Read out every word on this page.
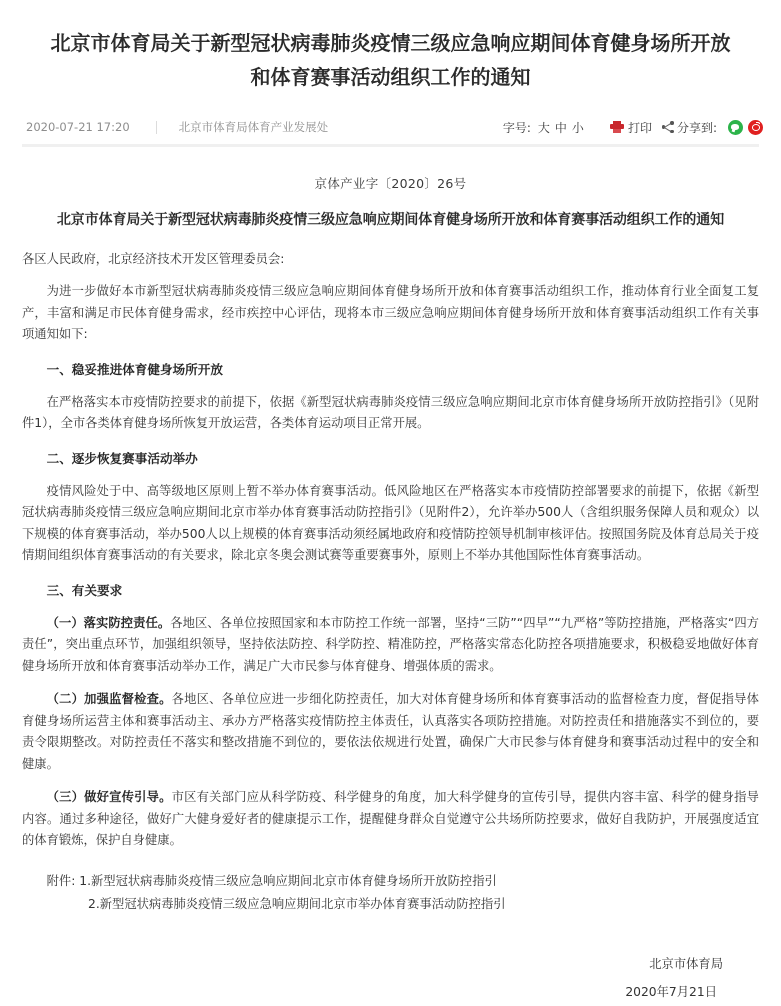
北京市体育局关于新型冠状病毒肺炎疫情三级应急响应期间体育健身场所开放和体育赛事活动组织工作的通知
2020-07-21 17:20	北京市体育局体育产业发展处	字号: 大 中 小	打印 分享到:
京体产业字〔2020〕26号
北京市体育局关于新型冠状病毒肺炎疫情三级应急响应期间体育健身场所开放和体育赛事活动组织工作的通知
各区人民政府，北京经济技术开发区管理委员会:

为进一步做好本市新型冠状病毒肺炎疫情三级应急响应期间体育健身场所开放和体育赛事活动组织工作，推动体育行业全面复工复产，丰富和满足市民体育健身需求，经市疾控中心评估，现将本市三级应急响应期间体育健身场所开放和体育赛事活动组织工作有关事项通知如下:

一、稳妥推进体育健身场所开放

在严格落实本市疫情防控要求的前提下，依据《新型冠状病毒肺炎疫情三级应急响应期间北京市体育健身场所开放防控指引》（见附件1），全市各类体育健身场所恢复开放运营，各类体育运动项目正常开展。

二、逐步恢复赛事活动举办

疫情风险处于中、高等级地区原则上暂不举办体育赛事活动。低风险地区在严格落实本市疫情防控部署要求的前提下，依据《新型冠状病毒肺炎疫情三级应急响应期间北京市举办体育赛事活动防控指引》（见附件2），允许举办500人（含组织服务保障人员和观众）以下规模的体育赛事活动，举办500人以上规模的体育赛事活动须经属地政府和疫情防控领导机制审核评估。按照国务院及体育总局关于疫情期间组织体育赛事活动的有关要求，除北京冬奥会测试赛等重要赛事外，原则上不举办其他国际性体育赛事活动。

三、有关要求

（一）落实防控责任。各地区、各单位按照国家和本市防控工作统一部署，坚持“三防”“四早”“九严格”等防控措施，严格落实“四方责任”，突出重点环节，加强组织领导，坚持依法防控、科学防控、精准防控，严格落实常态化防控各项措施要求，积极稳妥地做好体育健身场所开放和体育赛事活动举办工作，满足广大市民参与体育健身、增强体质的需求。

（二）加强监督检查。各地区、各单位应进一步细化防控责任，加大对体育健身场所和体育赛事活动的监督检查力度，督促指导体育健身场所运营主体和赛事活动主、承办方严格落实疫情防控主体责任，认真落实各项防控措施。对防控责任和措施落实不到位的，要责令限期整改。对防控责任不落实和整改措施不到位的，要依法依规进行处置，确保广大市民参与体育健身和赛事活动过程中的安全和健康。

（三）做好宣传引导。市区有关部门应从科学防疫、科学健身的角度，加大科学健身的宣传引导，提供内容丰富、科学的健身指导内容。通过多种途径，做好广大健身爱好者的健康提示工作，提醒健身群众自觉遵守公共场所防控要求，做好自我防护，开展强度适宜的体育锻炼，保护自身健康。

附件: 1.新型冠状病毒肺炎疫情三级应急响应期间北京市体育健身场所开放防控指引
2.新型冠状病毒肺炎疫情三级应急响应期间北京市举办体育赛事活动防控指引
北京市体育局
2020年7月21日
